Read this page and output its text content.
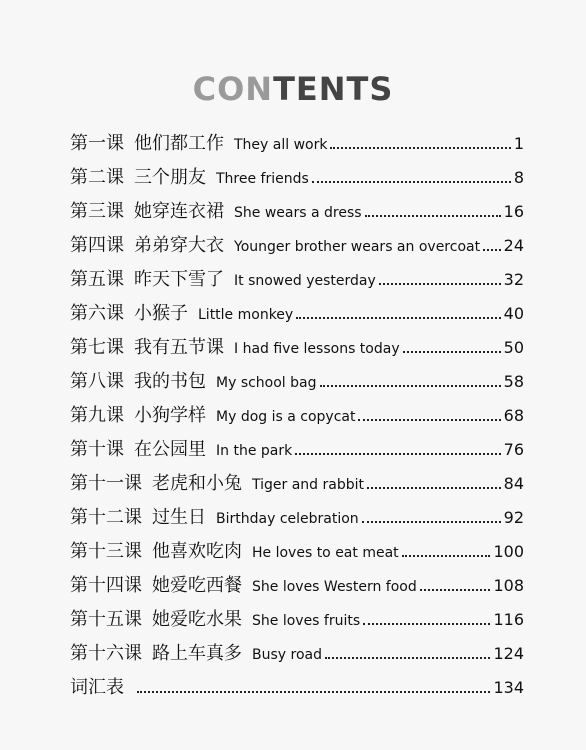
CONTENTS
第一课 他们都工作 They all work	1
第二课 三个朋友 Three friends	8
第三课 她穿连衣裙 She wears a dress	16
第四课 弟弟穿大衣 Younger brother wears an overcoat 24
第五课 昨天下雪了 It snowed yesterday	32
第六课 小猴子 Little monkey	40
第七课 我有五节课 I had five lessons today	50
第八课 我的书包 My school bag	58
第九课 小狗学样 My dog is a copycat	68
第十课 在公园里 In the park	76
第十一课 老虎和小兔 Tiger and rabbit	84
第十二课 过生日 Birthday celebration	92
第十三课 他喜欢吃肉 He loves to eat meat	100
第十四课 她爱吃西餐 She loves Western food	108
第十五课 她爱吃水果 She loves fruits	116
第十六课 路上车真多 Busy road	124
词汇表	134
